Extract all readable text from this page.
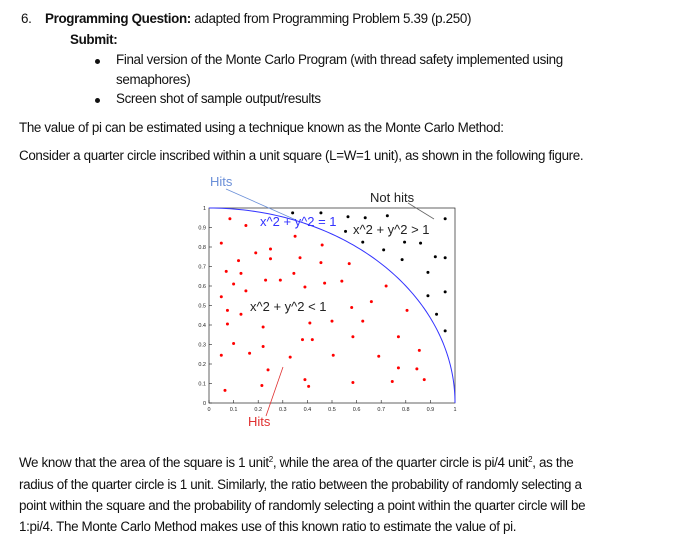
6. Programming Question: adapted from Programming Problem 5.39 (p.250)
Submit:
Final version of the Monte Carlo Program (with thread safety implemented using
semaphores)
Screen shot of sample output/results
The value of pi can be estimated using a technique known as the Monte Carlo Method:
Consider a quarter circle inscribed within a unit square (L=W=1 unit), as shown in the following figure.
0	0.1	0.2	0.3	0.4	0.5	0.6	0.7	0.8	0.9	1
0
0.1
0.2
0.3
0.4
0.5
0.6
0.7
0.8
0.9
1
Hits
Not hits
x^2 + y^2 = 1
x^2 + y^2 > 1
x^2 + y^2 < 1
Hits
We know that the area of the square is 1 unit$^2$, while the area of the quarter circle is pi/4 unit$^2$, as the
radius of the quarter circle is 1 unit. Similarly, the ratio between the probability of randomly selecting a
point within the square and the probability of randomly selecting a point within the quarter circle will be
1:pi/4. The Monte Carlo Method makes use of this known ratio to estimate the value of pi.
